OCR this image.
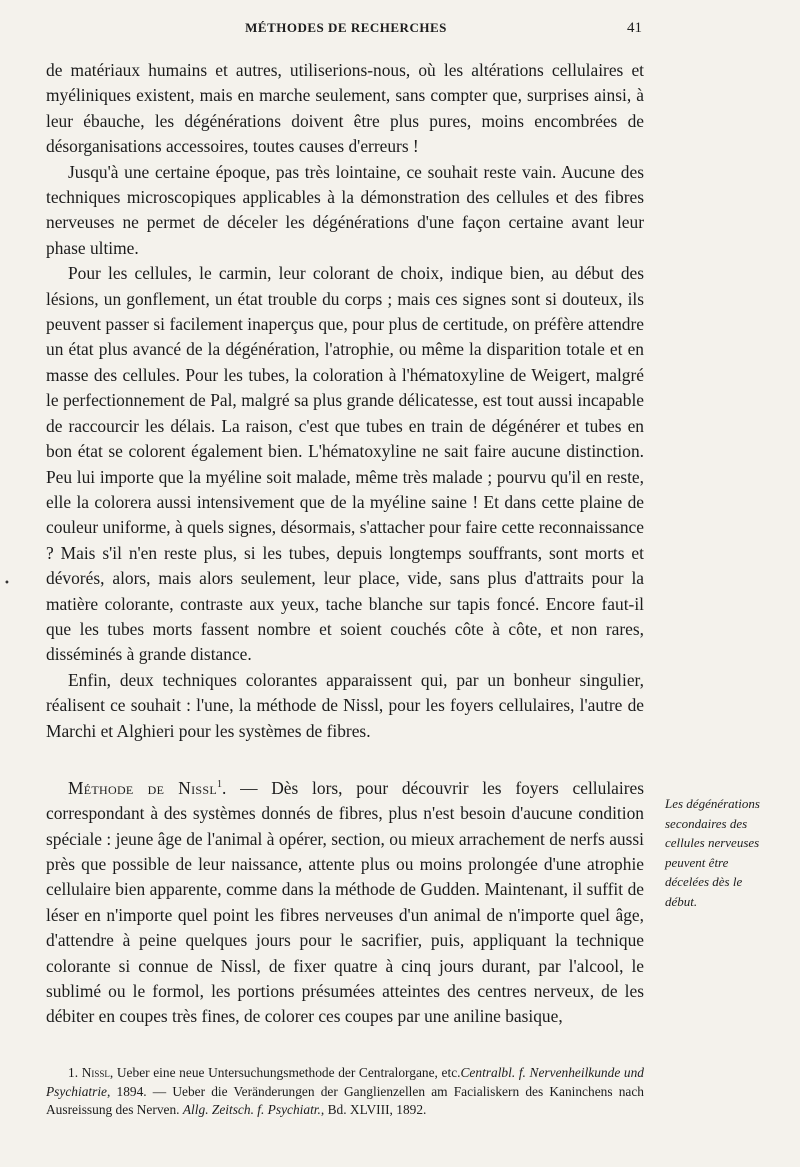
MÉTHODES DE RECHERCHES	41
•

de matériaux humains et autres, utiliserions-nous, où les altérations cellulaires et myéliniques existent, mais en marche seulement, sans compter que, surprises ainsi, à leur ébauche, les dégénérations doivent être plus pures, moins encombrées de désorganisations accessoires, toutes causes d'erreurs !

Jusqu'à une certaine époque, pas très lointaine, ce souhait reste vain. Aucune des techniques microscopiques applicables à la démonstration des cellules et des fibres nerveuses ne permet de déceler les dégénérations d'une façon certaine avant leur phase ultime.

Pour les cellules, le carmin, leur colorant de choix, indique bien, au début des lésions, un gonflement, un état trouble du corps ; mais ces signes sont si douteux, ils peuvent passer si facilement inaperçus que, pour plus de certitude, on préfère attendre un état plus avancé de la dégénération, l'atrophie, ou même la disparition totale et en masse des cellules. Pour les tubes, la coloration à l'hématoxyline de Weigert, malgré le perfectionnement de Pal, malgré sa plus grande délicatesse, est tout aussi incapable de raccourcir les délais. La raison, c'est que tubes en train de dégénérer et tubes en bon état se colorent également bien. L'hématoxyline ne sait faire aucune distinction. Peu lui importe que la myéline soit malade, même très malade ; pourvu qu'il en reste, elle la colorera aussi intensivement que de la myéline saine ! Et dans cette plaine de couleur uniforme, à quels signes, désormais, s'attacher pour faire cette reconnaissance ? Mais s'il n'en reste plus, si les tubes, depuis longtemps souffrants, sont morts et dévorés, alors, mais alors seulement, leur place, vide, sans plus d'attraits pour la matière colorante, contraste aux yeux, tache blanche sur tapis foncé. Encore faut-il que les tubes morts fassent nombre et soient couchés côte à côte, et non rares, disséminés à grande distance.

Enfin, deux techniques colorantes apparaissent qui, par un bonheur singulier, réalisent ce souhait : l'une, la méthode de Nissl, pour les foyers cellulaires, l'autre de Marchi et Alghieri pour les systèmes de fibres.

Méthode de Nissl$^1$. — Dès lors, pour découvrir les foyers cellulaires correspondant à des systèmes donnés de fibres, plus n'est besoin d'aucune condition spéciale : jeune âge de l'animal à opérer, section, ou mieux arrachement de nerfs aussi près que possible de leur naissance, attente plus ou moins prolongée d'une atrophie cellulaire bien apparente, comme dans la méthode de Gudden. Maintenant, il suffit de léser en n'importe quel point les fibres nerveuses d'un animal de n'importe quel âge, d'attendre à peine quelques jours pour le sacrifier, puis, appliquant la technique colorante si connue de Nissl, de fixer quatre à cinq jours durant, par l'alcool, le sublimé ou le formol, les portions présumées atteintes des centres nerveux, de les débiter en coupes très fines, de colorer ces coupes par une aniline basique,

Les dégénérations secondaires des cellules nerveuses peuvent être décelées dès le début.

1. Nissl, Ueber eine neue Untersuchungsmethode der Centralorgane, etc.Centralbl. f. Nervenheilkunde und Psychiatrie, 1894. — Ueber die Veränderungen der Ganglienzellen am Facialiskern des Kaninchens nach Ausreissung des Nerven. Allg. Zeitsch. f. Psychiatr., Bd. XLVIII, 1892.
